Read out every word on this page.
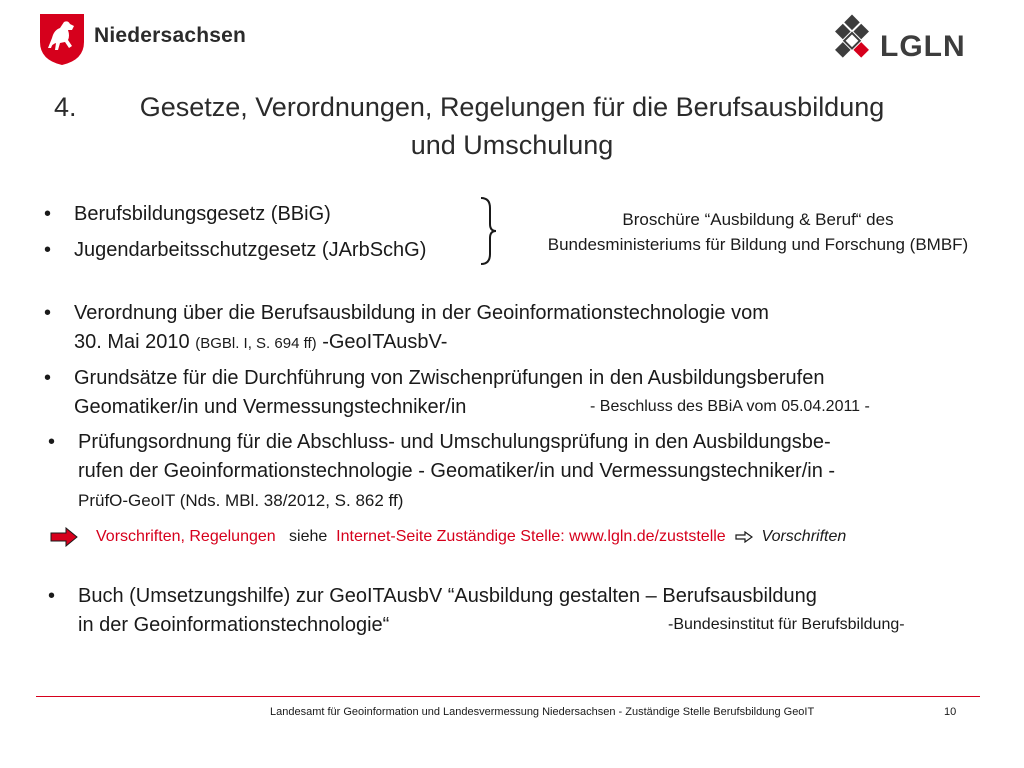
Niedersachsen	LGLN
4.	Gesetze, Verordnungen, Regelungen für die Berufsausbildung
und Umschulung
• Berufsbildungsgesetz (BBiG)
• Jugendarbeitsschutzgesetz (JArbSchG)
Broschüre “Ausbildung & Beruf“ des
Bundesministeriums für Bildung und Forschung (BMBF)
• Verordnung über die Berufsausbildung in der Geoinformationstechnologie vom
30. Mai 2010 (BGBl. I, S. 694 ff) -GeoITAusbV-
• Grundsätze für die Durchführung von Zwischenprüfungen in den Ausbildungsberufen
Geomatiker/in und Vermessungstechniker/in	- Beschluss des BBiA vom 05.04.2011 -
• Prüfungsordnung für die Abschluss- und Umschulungsprüfung in den Ausbildungsbe-
rufen der Geoinformationstechnologie - Geomatiker/in und Vermessungstechniker/in -
PrüfO-GeoIT (Nds. MBl. 38/2012, S. 862 ff)
Vorschriften, Regelungen siehe Internet-Seite Zuständige Stelle: www.lgln.de/zuststelle Vorschriften
• Buch (Umsetzungshilfe) zur GeoITAusbV “Ausbildung gestalten – Berufsausbildung
in der Geoinformationstechnologie“	-Bundesinstitut für Berufsbildung-
Landesamt für Geoinformation und Landesvermessung Niedersachsen - Zuständige Stelle Berufsbildung GeoIT	10
